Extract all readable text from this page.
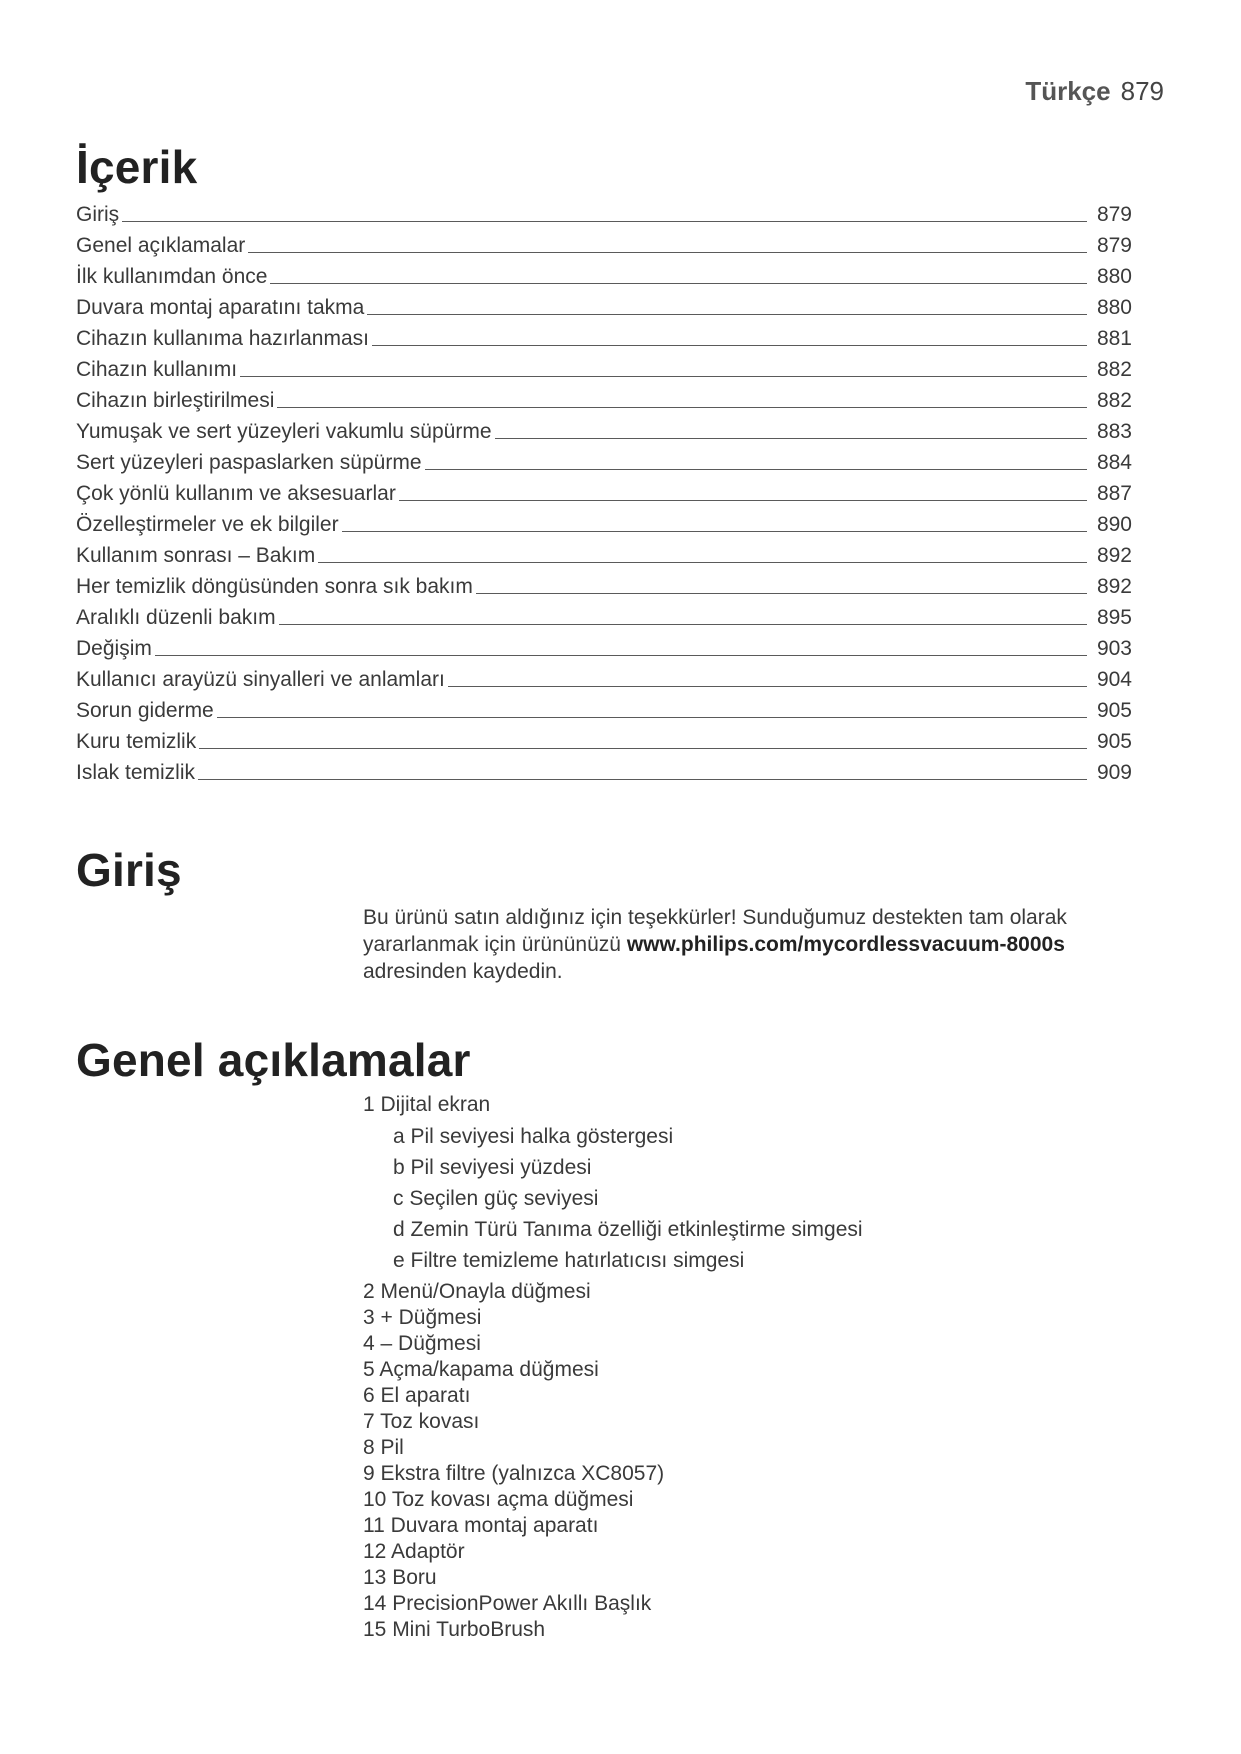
Türkçe 879
İçerik
Giriş	879
Genel açıklamalar	879
İlk kullanımdan önce	880
Duvara montaj aparatını takma	880
Cihazın kullanıma hazırlanması	881
Cihazın kullanımı	882
Cihazın birleştirilmesi	882
Yumuşak ve sert yüzeyleri vakumlu süpürme	883
Sert yüzeyleri paspaslarken süpürme	884
Çok yönlü kullanım ve aksesuarlar	887
Özelleştirmeler ve ek bilgiler	890
Kullanım sonrası – Bakım	892
Her temizlik döngüsünden sonra sık bakım	892
Aralıklı düzenli bakım	895
Değişim	903
Kullanıcı arayüzü sinyalleri ve anlamları	904
Sorun giderme	905
Kuru temizlik	905
Islak temizlik	909
Giriş

Bu ürünü satın aldığınız için teşekkürler! Sunduğumuz destekten tam olarak yararlanmak için ürününüzü www.philips.com/mycordlessvacuum-8000s adresinden kaydedin.

Genel açıklamalar
1 Dijital ekran
a Pil seviyesi halka göstergesi
b Pil seviyesi yüzdesi
c Seçilen güç seviyesi
d Zemin Türü Tanıma özelliği etkinleştirme simgesi
e Filtre temizleme hatırlatıcısı simgesi
2 Menü/Onayla düğmesi
3 + Düğmesi
4 – Düğmesi
5 Açma/kapama düğmesi
6 El aparatı
7 Toz kovası
8 Pil
9 Ekstra filtre (yalnızca XC8057)
10 Toz kovası açma düğmesi
11 Duvara montaj aparatı
12 Adaptör
13 Boru
14 PrecisionPower Akıllı Başlık
15 Mini TurboBrush
